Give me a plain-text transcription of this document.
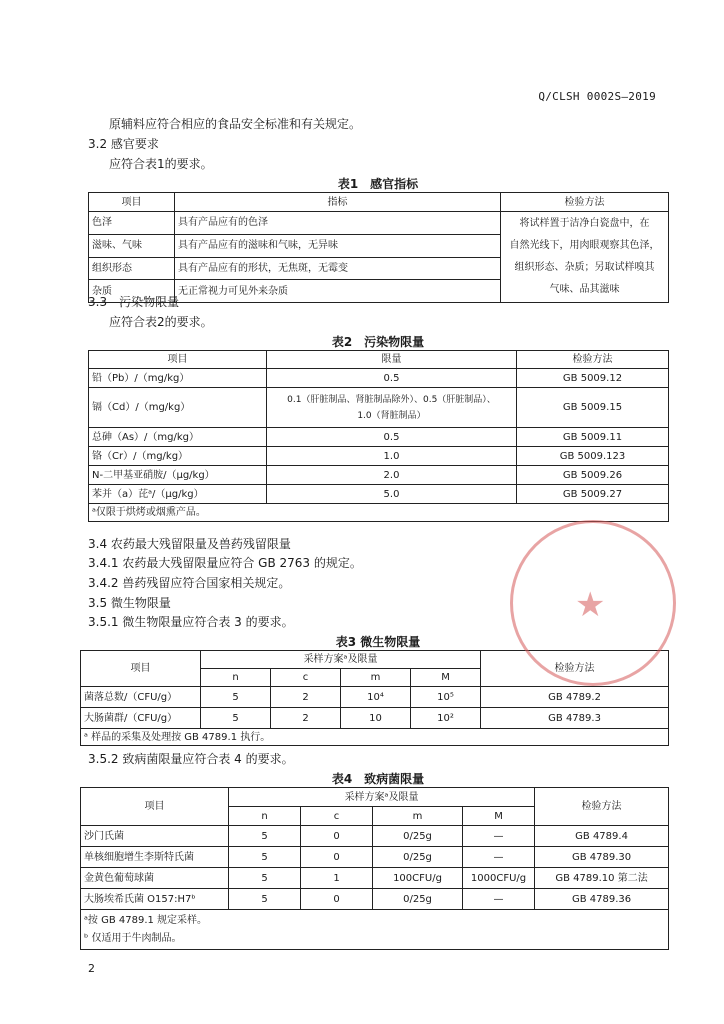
Q/CLSH 0002S—2019
原辅料应符合相应的食品安全标准和有关规定。
3.2 感官要求
应符合表1的要求。
表1　感官指标
项目	指标	检验方法
色泽	具有产品应有的色泽	将试样置于洁净白瓷盘中，在
自然光线下，用肉眼观察其色泽，
组织形态、杂质；另取试样嗅其
气味、品其滋味

滋味、气味	具有产品应有的滋味和气味，无异味	
组织形态	具有产品应有的形状，无焦斑，无霉变	
杂质	无正常视力可见外来杂质	
3.3　污染物限量
应符合表2的要求。
表2　污染物限量
项目	限量	检验方法
铅（Pb）/（mg/kg）	0.5	GB 5009.12
镉（Cd）/（mg/kg）	0.1（肝脏制品、肾脏制品除外）、0.5（肝脏制品）、
1.0（肾脏制品）	GB 5009.15
总砷（As）/（mg/kg）	0.5	GB 5009.11
铬（Cr）/（mg/kg）	1.0	GB 5009.123
N-二甲基亚硝胺/（μg/kg）	2.0	GB 5009.26
苯并（a）芘ᵃ/（μg/kg）	5.0	GB 5009.27
ᵃ仅限于烘烤或烟熏产品。		
3.4 农药最大残留限量及兽药残留限量
3.4.1 农药最大残留限量应符合 GB 2763 的规定。
3.4.2 兽药残留应符合国家相关规定。
3.5 微生物限量
3.5.1 微生物限量应符合表 3 的要求。
表3 微生物限量
项目	采样方案ᵃ及限量				检验方法
	n	c	m	M	
菌落总数/（CFU/g）	5	2	10⁴	10⁵	GB 4789.2
大肠菌群/（CFU/g）	5	2	10	10²	GB 4789.3
ᵃ 样品的采集及处理按 GB 4789.1 执行。					
3.5.2 致病菌限量应符合表 4 的要求。
表4　致病菌限量
项目	采样方案ᵃ及限量				检验方法
	n	c	m	M	
沙门氏菌	5	0	0/25g	—	GB 4789.4
单核细胞增生李斯特氏菌	5	0	0/25g	—	GB 4789.30
金黄色葡萄球菌	5	1	100CFU/g	1000CFU/g	GB 4789.10 第二法
大肠埃希氏菌 O157:H7ᵇ	5	0	0/25g	—	GB 4789.36

ᵃ按 GB 4789.1 规定采样。
ᵇ 仅适用于牛肉制品。					
★
2
